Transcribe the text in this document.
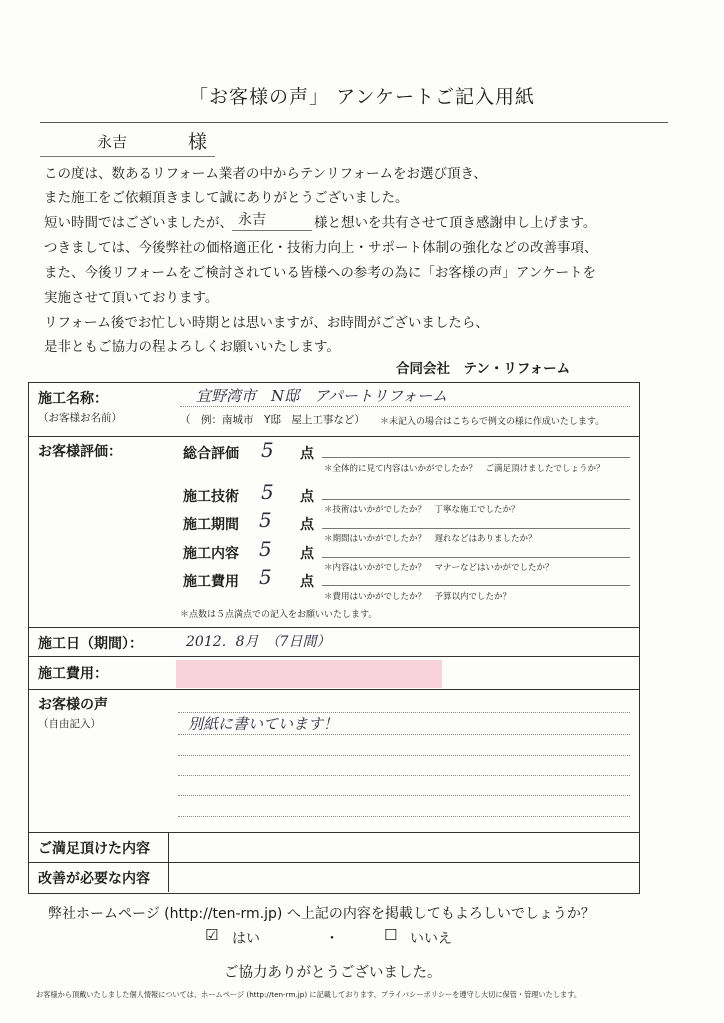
「お客様の声」 アンケートご記入用紙
永吉	様
この度は、数あるリフォーム業者の中からテンリフォームをお選び頂き、
また施工をご依頼頂きまして誠にありがとうございました。
短い時間ではございましたが、 永吉	様と想いを共有させて頂き感謝申し上げます。
つきましては、今後弊社の価格適正化・技術力向上・サポート体制の強化などの改善事項、
また、今後リフォームをご検討されている皆様への参考の為に「お客様の声」アンケートを
実施させて頂いております。
リフォーム後でお忙しい時期とは思いますが、お時間がございましたら、
是非ともご協力の程よろしくお願いいたします。
合同会社　テン・リフォーム
施工名称：
（お客様お名前）
宜野湾市　N邸　アパートリフォーム
（　例：南城市　Y邸　屋上工事など） ＊未記入の場合はこちらで例文の様に作成いたします。
お客様評価：	総合評価 5 点
＊全体的に見て内容はいかがでしたか？　ご満足頂けましたでしょうか？
施工技術 5 点
＊技術はいかがでしたか？　丁寧な施工でしたか？
施工期間 5 点
＊期間はいかがでしたか？　遅れなどはありましたか？
施工内容 5 点
＊内容はいかがでしたか？　マナーなどはいかがでしたか？
施工費用 5 点
＊費用はいかがでしたか？　予算以内でしたか？
＊点数は５点満点での記入をお願いいたします。
施工日（期間）：	2012．8月　（7日間）
施工費用：
お客様の声
（自由記入）	別紙に書いています！
ご満足頂けた内容
改善が必要な内容
弊社ホームページ (http://ten-rm.jp) へ上記の内容を掲載してもよろしいでしょうか？
☑ はい	・	☐ いいえ
ご協力ありがとうございました。
お客様から頂戴いたしました個人情報については、ホームページ (http://ten-rm.jp) に記載しております、プライバシーポリシーを遵守し大切に保管・管理いたします。
